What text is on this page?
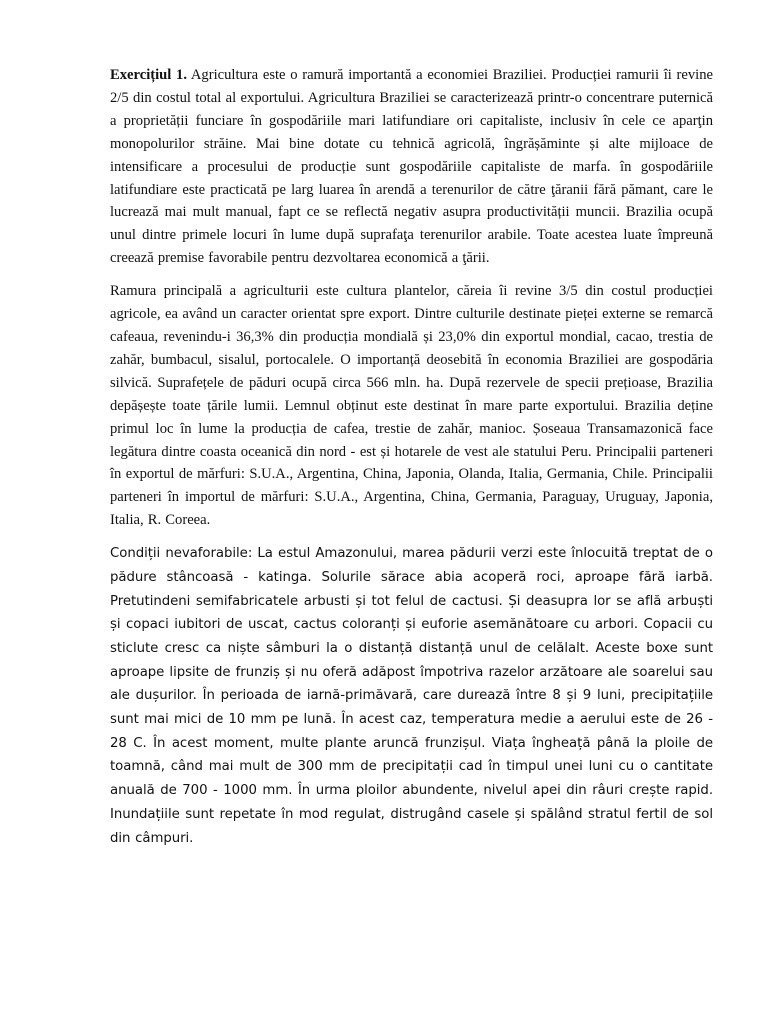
Exercițiul 1. Agricultura este o ramură importantă a economiei Braziliei. Producției ramurii îi revine 2/5 din costul total al exportului. Agricultura Braziliei se caracterizează printr-o concentrare puternică a proprietății funciare în gospodăriile mari latifundiare ori capitaliste, inclusiv în cele ce aparţin monopolurilor străine. Mai bine dotate cu tehnică agricolă, îngrășăminte și alte mijloace de intensificare a procesului de producție sunt gospodăriile capitaliste de marfa. în gospodăriile latifundiare este practicată pe larg luarea în arendă a terenurilor de către ţăranii fără pămant, care le lucrează mai mult manual, fapt ce se reflectă negativ asupra productivității muncii. Brazilia ocupă unul dintre primele locuri în lume după suprafaţa terenurilor arabile. Toate acestea luate împreună creează premise favorabile pentru dezvoltarea economică a ţării.

Ramura principală a agriculturii este cultura plantelor, căreia îi revine 3/5 din costul producției agricole, ea având un caracter orientat spre export. Dintre culturile destinate pieței externe se remarcă cafeaua, revenindu-i 36,3% din producția mondială și 23,0% din exportul mondial, cacao, trestia de zahăr, bumbacul, sisalul, portocalele. O importanță deosebită în economia Braziliei are gospodăria silvică. Suprafețele de păduri ocupă circa 566 mln. ha. După rezervele de specii prețioase, Brazilia depășește toate țările lumii. Lemnul obținut este destinat în mare parte exportului. Brazilia deține primul loc în lume la producția de cafea, trestie de zahăr, manioc. Șoseaua Transamazonică face legătura dintre coasta oceanică din nord - est și hotarele de vest ale statului Peru. Principalii parteneri în exportul de mărfuri: S.U.A., Argentina, China, Japonia, Olanda, Italia, Germania, Chile. Principalii parteneri în importul de mărfuri: S.U.A., Argentina, China, Germania, Paraguay, Uruguay, Japonia, Italia, R. Coreea.

Condiții nevaforabile: La estul Amazonului, marea pădurii verzi este înlocuită treptat de o pădure stâncoasă - katinga. Solurile sărace abia acoperă roci, aproape fără iarbă. Pretutindeni semifabricatele arbusti și tot felul de cactusi. Și deasupra lor se află arbuști și copaci iubitori de uscat, cactus coloranți și euforie asemănătoare cu arbori. Copacii cu sticlute cresc ca niște sâmburi la o distanță distanță unul de celălalt. Aceste boxe sunt aproape lipsite de frunziș și nu oferă adăpost împotriva razelor arzătoare ale soarelui sau ale dușurilor. În perioada de iarnă-primăvară, care durează între 8 și 9 luni, precipitațiile sunt mai mici de 10 mm pe lună. În acest caz, temperatura medie a aerului este de 26 - 28 C. În acest moment, multe plante aruncă frunzișul. Viața îngheață până la ploile de toamnă, când mai mult de 300 mm de precipitații cad în timpul unei luni cu o cantitate anuală de 700 - 1000 mm. În urma ploilor abundente, nivelul apei din râuri crește rapid. Inundațiile sunt repetate în mod regulat, distrugând casele și spălând stratul fertil de sol din câmpuri.
